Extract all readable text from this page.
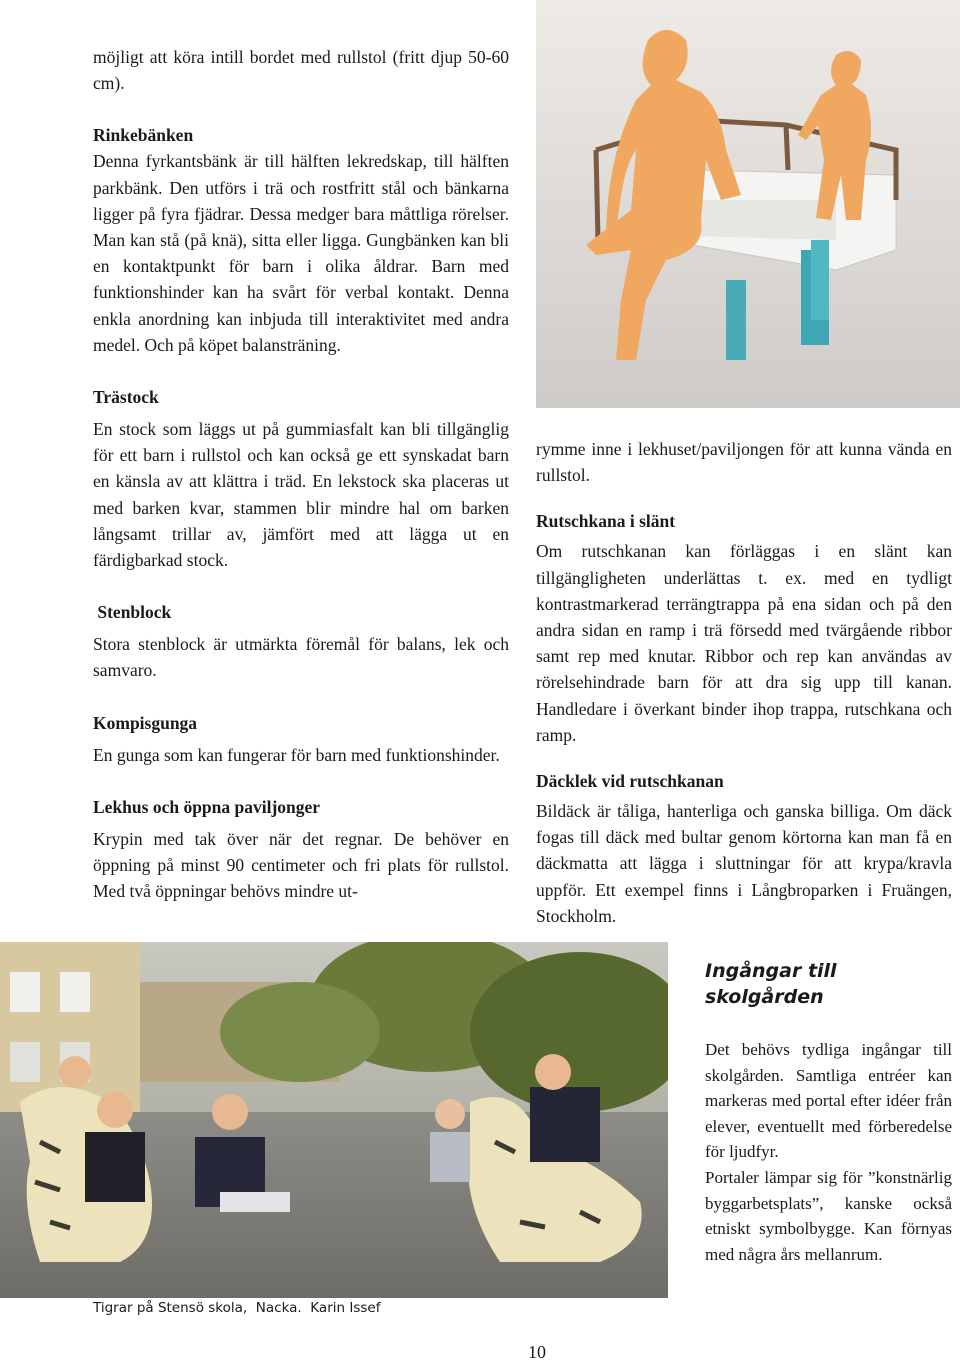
möjligt att köra intill bordet med rullstol (fritt djup 50-60 cm).

Rinkebänken

Denna fyrkantsbänk är till hälften lekredskap, till hälften parkbänk. Den utförs i trä och rostfritt stål och bänkarna ligger på fyra fjädrar. Dessa medger bara måttliga rörelser. Man kan stå (på knä), sitta eller ligga. Gungbänken kan bli en kontaktpunkt för barn i olika åldrar. Barn med funktionshinder kan ha svårt för verbal kontakt. Denna enkla anordning kan inbjuda till interaktivitet med andra medel. Och på köpet balansträning.

Trästock

En stock som läggs ut på gummiasfalt kan bli tillgänglig för ett barn i rullstol och kan också ge ett synskadat barn en känsla av att klättra i träd. En lekstock ska placeras ut med barken kvar, stammen blir mindre hal om barken långsamt trillar av, jämfört med att lägga ut en färdigbarkad stock.

Stenblock

Stora stenblock är utmärkta föremål för balans, lek och samvaro.

Kompisgunga

En gunga som kan fungerar för barn med funktionshinder.

Lekhus och öppna paviljonger

Krypin med tak över när det regnar. De behöver en öppning på minst 90 centimeter och fri plats för rullstol. Med två öppningar behövs mindre ut-

rymme inne i lekhuset/paviljongen för att kunna vända en rullstol.

Rutschkana i slänt

Om rutschkanan kan förläggas i en slänt kan tillgängligheten underlättas t. ex. med en tydligt kontrastmarkerad terrängtrappa på ena sidan och på den andra sidan en ramp i trä försedd med tvärgående ribbor samt rep med knutar. Ribbor och rep kan användas av rörelsehindrade barn för att dra sig upp till kanan. Handledare i överkant binder ihop trappa, rutschkana och ramp.

Däcklek vid rutschkanan

Bildäck är tåliga, hanterliga och ganska billiga. Om däck fogas till däck med bultar genom körtorna kan man få en däckmatta att lägga i sluttningar för att krypa/kravla uppför. Ett exempel finns i Långbroparken i Fruängen, Stockholm.

Tigrar på Stensö skola,  Nacka.  Karin Issef
Ingångar till
skolgården

Det behövs tydliga ingångar till skolgården. Samtliga entréer kan markeras med portal efter idéer från elever, eventuellt med förberedelse för ljudfyr.

Portaler lämpar sig för ”konstnärlig byggarbetsplats”, kanske också etniskt symbolbygge. Kan förnyas med några års mellanrum.

10
